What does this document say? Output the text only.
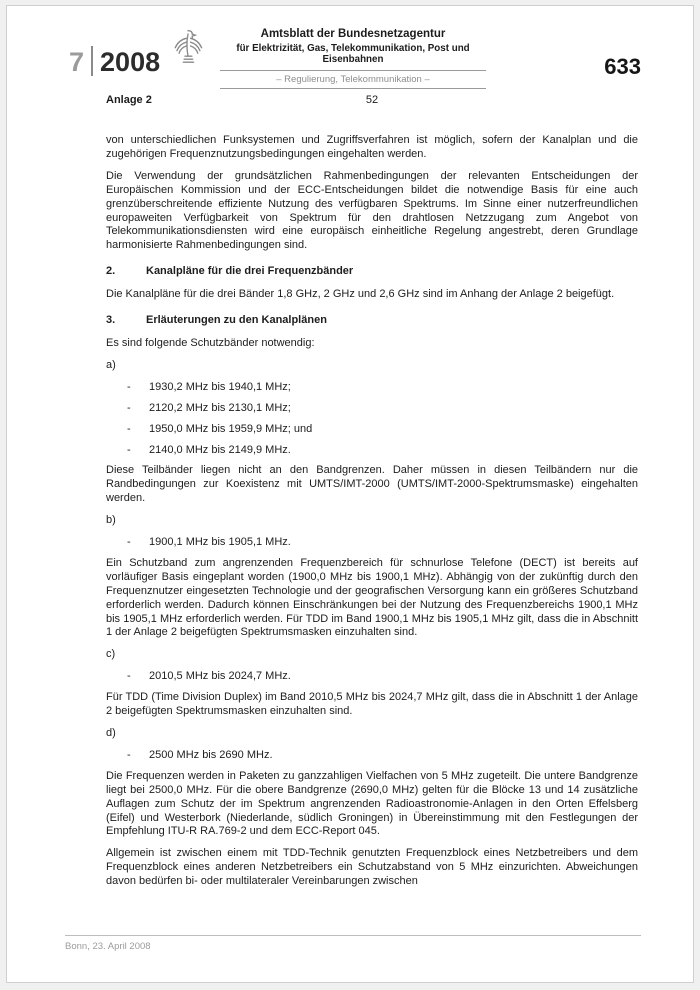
7 2008
Amtsblatt der Bundesnetzagentur
für Elektrizität, Gas, Telekommunikation, Post und Eisenbahnen
– Regulierung, Telekommunikation –
633
Anlage 2	52

von unterschiedlichen Funksystemen und Zugriffsverfahren ist möglich, sofern der Kanalplan und die zugehörigen Frequenznutzungsbedingungen eingehalten werden.

Die Verwendung der grundsätzlichen Rahmenbedingungen der relevanten Entscheidungen der Europäischen Kommission und der ECC-Entscheidungen bildet die notwendige Basis für eine auch grenzüberschreitende effiziente Nutzung des verfügbaren Spektrums. Im Sinne einer nutzerfreundlichen europaweiten Verfügbarkeit von Spektrum für den drahtlosen Netzzugang zum Angebot von Telekommunikationsdiensten wird eine europäisch einheitliche Regelung angestrebt, deren Grundlage harmonisierte Rahmenbedingungen sind.

2.	Kanalpläne für die drei Frequenzbänder

Die Kanalpläne für die drei Bänder 1,8 GHz, 2 GHz und 2,6 GHz sind im Anhang der Anlage 2 beigefügt.

3.	Erläuterungen zu den Kanalplänen

Es sind folgende Schutzbänder notwendig:

a)
- 1930,2 MHz bis 1940,1 MHz;
- 2120,2 MHz bis 2130,1 MHz;
- 1950,0 MHz bis 1959,9 MHz; und
- 2140,0 MHz bis 2149,9 MHz.

Diese Teilbänder liegen nicht an den Bandgrenzen. Daher müssen in diesen Teilbändern nur die Randbedingungen zur Koexistenz mit UMTS/IMT-2000 (UMTS/IMT-2000-Spektrumsmaske) eingehalten werden.

b)
- 1900,1 MHz bis 1905,1 MHz.

Ein Schutzband zum angrenzenden Frequenzbereich für schnurlose Telefone (DECT) ist bereits auf vorläufiger Basis eingeplant worden (1900,0 MHz bis 1900,1 MHz). Abhängig von der zukünftig durch den Frequenznutzer eingesetzten Technologie und der geografischen Versorgung kann ein größeres Schutzband erforderlich werden. Dadurch können Einschränkungen bei der Nutzung des Frequenzbereichs 1900,1 MHz bis 1905,1 MHz erforderlich werden. Für TDD im Band 1900,1 MHz bis 1905,1 MHz gilt, dass die in Abschnitt 1 der Anlage 2 beigefügten Spektrumsmasken einzuhalten sind.

c)
- 2010,5 MHz bis 2024,7 MHz.

Für TDD (Time Division Duplex) im Band 2010,5 MHz bis 2024,7 MHz gilt, dass die in Abschnitt 1 der Anlage 2 beigefügten Spektrumsmasken einzuhalten sind.

d)
- 2500 MHz bis 2690 MHz.

Die Frequenzen werden in Paketen zu ganzzahligen Vielfachen von 5 MHz zugeteilt. Die untere Bandgrenze liegt bei 2500,0 MHz. Für die obere Bandgrenze (2690,0 MHz) gelten für die Blöcke 13 und 14 zusätzliche Auflagen zum Schutz der im Spektrum angrenzenden Radioastronomie-Anlagen in den Orten Effelsberg (Eifel) und Westerbork (Niederlande, südlich Groningen) in Übereinstimmung mit den Festlegungen der Empfehlung ITU-R RA.769-2 und dem ECC-Report 045.

Allgemein ist zwischen einem mit TDD-Technik genutzten Frequenzblock eines Netzbetreibers und dem Frequenzblock eines anderen Netzbetreibers ein Schutzabstand von 5 MHz einzurichten. Abweichungen davon bedürfen bi- oder multilateraler Vereinbarungen zwischen

Bonn, 23. April 2008
